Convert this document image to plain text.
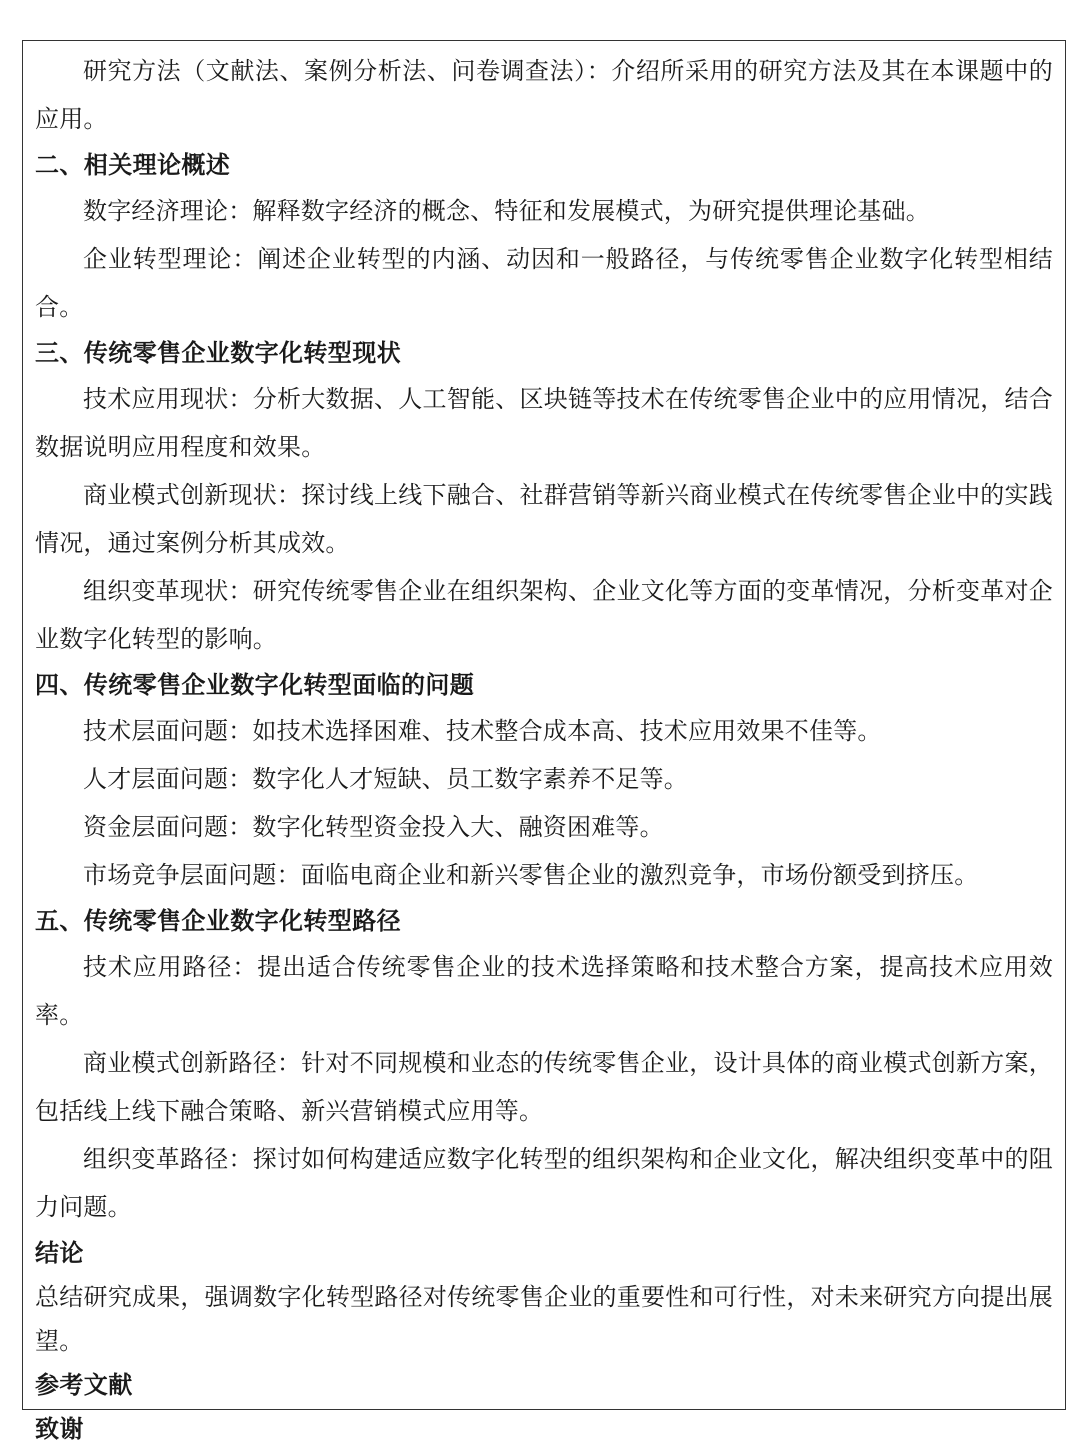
研究方法（文献法、案例分析法、问卷调查法）：介绍所采用的研究方法及其在本课题中的应用。

二、相关理论概述

数字经济理论：解释数字经济的概念、特征和发展模式，为研究提供理论基础。

企业转型理论：阐述企业转型的内涵、动因和一般路径，与传统零售企业数字化转型相结合。

三、传统零售企业数字化转型现状

技术应用现状：分析大数据、人工智能、区块链等技术在传统零售企业中的应用情况，结合数据说明应用程度和效果。

商业模式创新现状：探讨线上线下融合、社群营销等新兴商业模式在传统零售企业中的实践情况，通过案例分析其成效。

组织变革现状：研究传统零售企业在组织架构、企业文化等方面的变革情况，分析变革对企业数字化转型的影响。

四、传统零售企业数字化转型面临的问题

技术层面问题：如技术选择困难、技术整合成本高、技术应用效果不佳等。

人才层面问题：数字化人才短缺、员工数字素养不足等。

资金层面问题：数字化转型资金投入大、融资困难等。

市场竞争层面问题：面临电商企业和新兴零售企业的激烈竞争，市场份额受到挤压。

五、传统零售企业数字化转型路径

技术应用路径：提出适合传统零售企业的技术选择策略和技术整合方案，提高技术应用效率。

商业模式创新路径：针对不同规模和业态的传统零售企业，设计具体的商业模式创新方案，包括线上线下融合策略、新兴营销模式应用等。

组织变革路径：探讨如何构建适应数字化转型的组织架构和企业文化，解决组织变革中的阻力问题。

结论

总结研究成果，强调数字化转型路径对传统零售企业的重要性和可行性，对未来研究方向提出展望。

参考文献

致谢
